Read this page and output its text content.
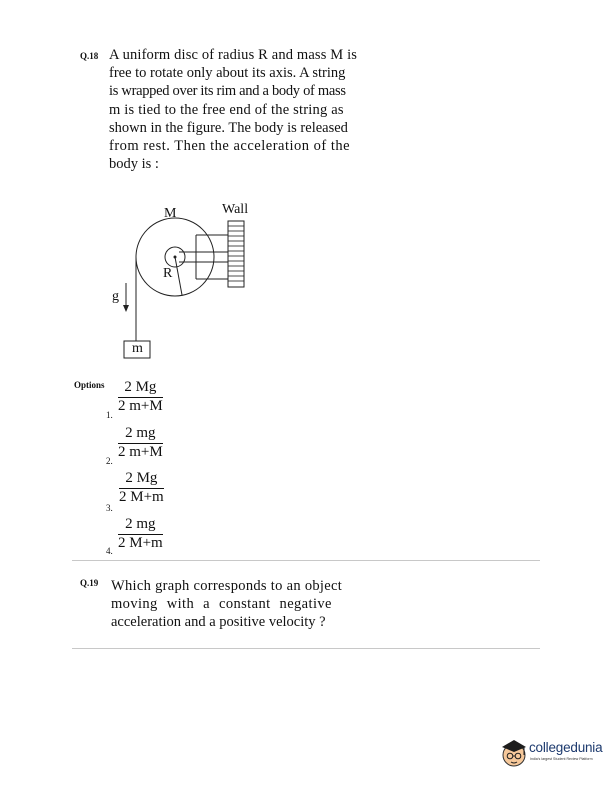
Q.18 A uniform disc of radius R and mass M is
free to rotate only about its axis. A string
is wrapped over its rim and a body of mass
m is tied to the free end of the string as
shown in the figure. The body is released
from rest. Then the acceleration of the
body is :
M
R
Wall
g
m
Options
1.
2 Mg
2 m+M
2.
2 mg
2 m+M
3.
2 Mg
2 M+m
4.
2 mg
2 M+m
Q.19 Which graph corresponds to an object
moving with a constant negative
acceleration and a positive velocity ?
collegedunia
India's largest Student Review Platform
